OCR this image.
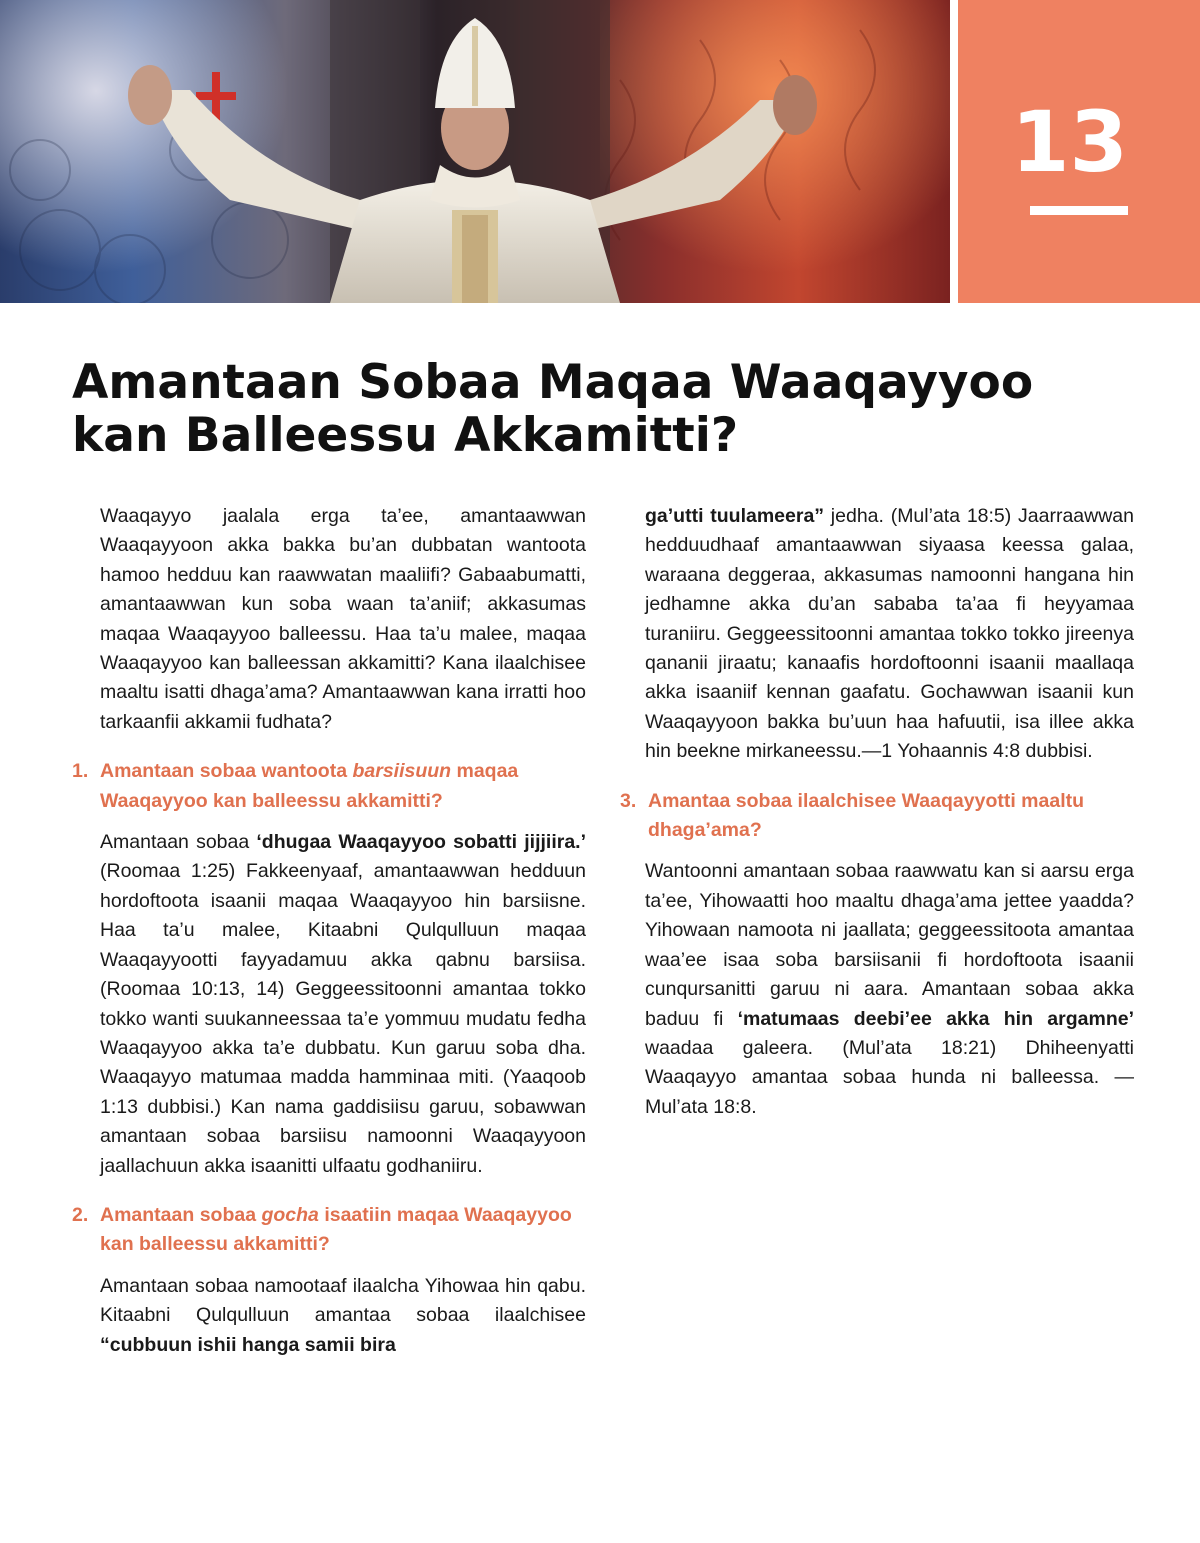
13
Amantaan Sobaa Maqaa Waaqayyoo
kan Balleessu Akkamitti?

Waaqayyo jaalala erga ta’ee, amantaawwan Waaqayyoon akka bakka bu’an dubbatan wantoota hamoo hedduu kan raawwatan maaliifi? Gabaabumatti, amantaawwan kun soba waan ta’aniif; akkasumas maqaa Waaqayyoo balleessu. Haa ta’u malee, maqaa Waaqayyoo kan balleessan akkamitti? Kana ilaalchisee maaltu isatti dhaga’ama? Amantaawwan kana irratti hoo tarkaanfii akkamii fudhata?

1. Amantaan sobaa wantoota barsiisuun maqaa Waaqayyoo kan balleessu akkamitti?

Amantaan sobaa ‘dhugaa Waaqayyoo sobatti jijjiira.’ (Roomaa 1:25) Fakkeenyaaf, amantaawwan hedduun hordoftoota isaanii maqaa Waaqayyoo hin barsiisne. Haa ta’u malee, Kitaabni Qulqulluun maqaa Waaqayyootti fayyadamuu akka qabnu barsiisa. (Roomaa 10:13, 14) Geggeessitoonni amantaa tokko tokko wanti suukanneessaa ta’e yommuu mudatu fedha Waaqayyoo akka ta’e dubbatu. Kun garuu soba dha. Waaqayyo matumaa madda hamminaa miti. (Yaaqoob 1:13 dubbisi.) Kan nama gaddisiisu garuu, sobawwan amantaan sobaa barsiisu namoonni Waaqayyoon jaallachuun akka isaanitti ulfaatu godhaniiru.

2. Amantaan sobaa gocha isaatiin maqaa Waaqayyoo kan balleessu akkamitti?

Amantaan sobaa namootaaf ilaalcha Yihowaa hin qabu. Kitaabni Qulqulluun amantaa sobaa ilaalchisee “cubbuun ishii hanga samii bira

ga’utti tuulameera” jedha. (Mul’ata 18:5) Jaarraawwan hedduudhaaf amantaawwan siyaasa keessa galaa, waraana deggeraa, akkasumas namoonni hangana hin jedhamne akka du’an sababa ta’aa fi heyyamaa turaniiru. Geggeessitoonni amantaa tokko tokko jireenya qananii jiraatu; kanaafis hordoftoonni isaanii maallaqa akka isaaniif kennan gaafatu. Gochawwan isaanii kun Waaqayyoon bakka bu’uun haa hafuutii, isa illee akka hin beekne mirkaneessu.—1 Yohaannis 4:8 dubbisi.

3. Amantaa sobaa ilaalchisee Waaqayyotti maaltu dhaga’ama?

Wantoonni amantaan sobaa raawwatu kan si aarsu erga ta’ee, Yihowaatti hoo maaltu dhaga’ama jettee yaadda? Yihowaan namoota ni jaallata; geggeessitoota amantaa waa’ee isaa soba barsiisanii fi hordoftoota isaanii cunqursanitti garuu ni aara. Amantaan sobaa akka baduu fi ‘matumaas deebi’ee akka hin argamne’ waadaa galeera. (Mul’ata 18:21) Dhiheenyatti Waaqayyo amantaa sobaa hunda ni balleessa. —Mul’ata 18:8.
